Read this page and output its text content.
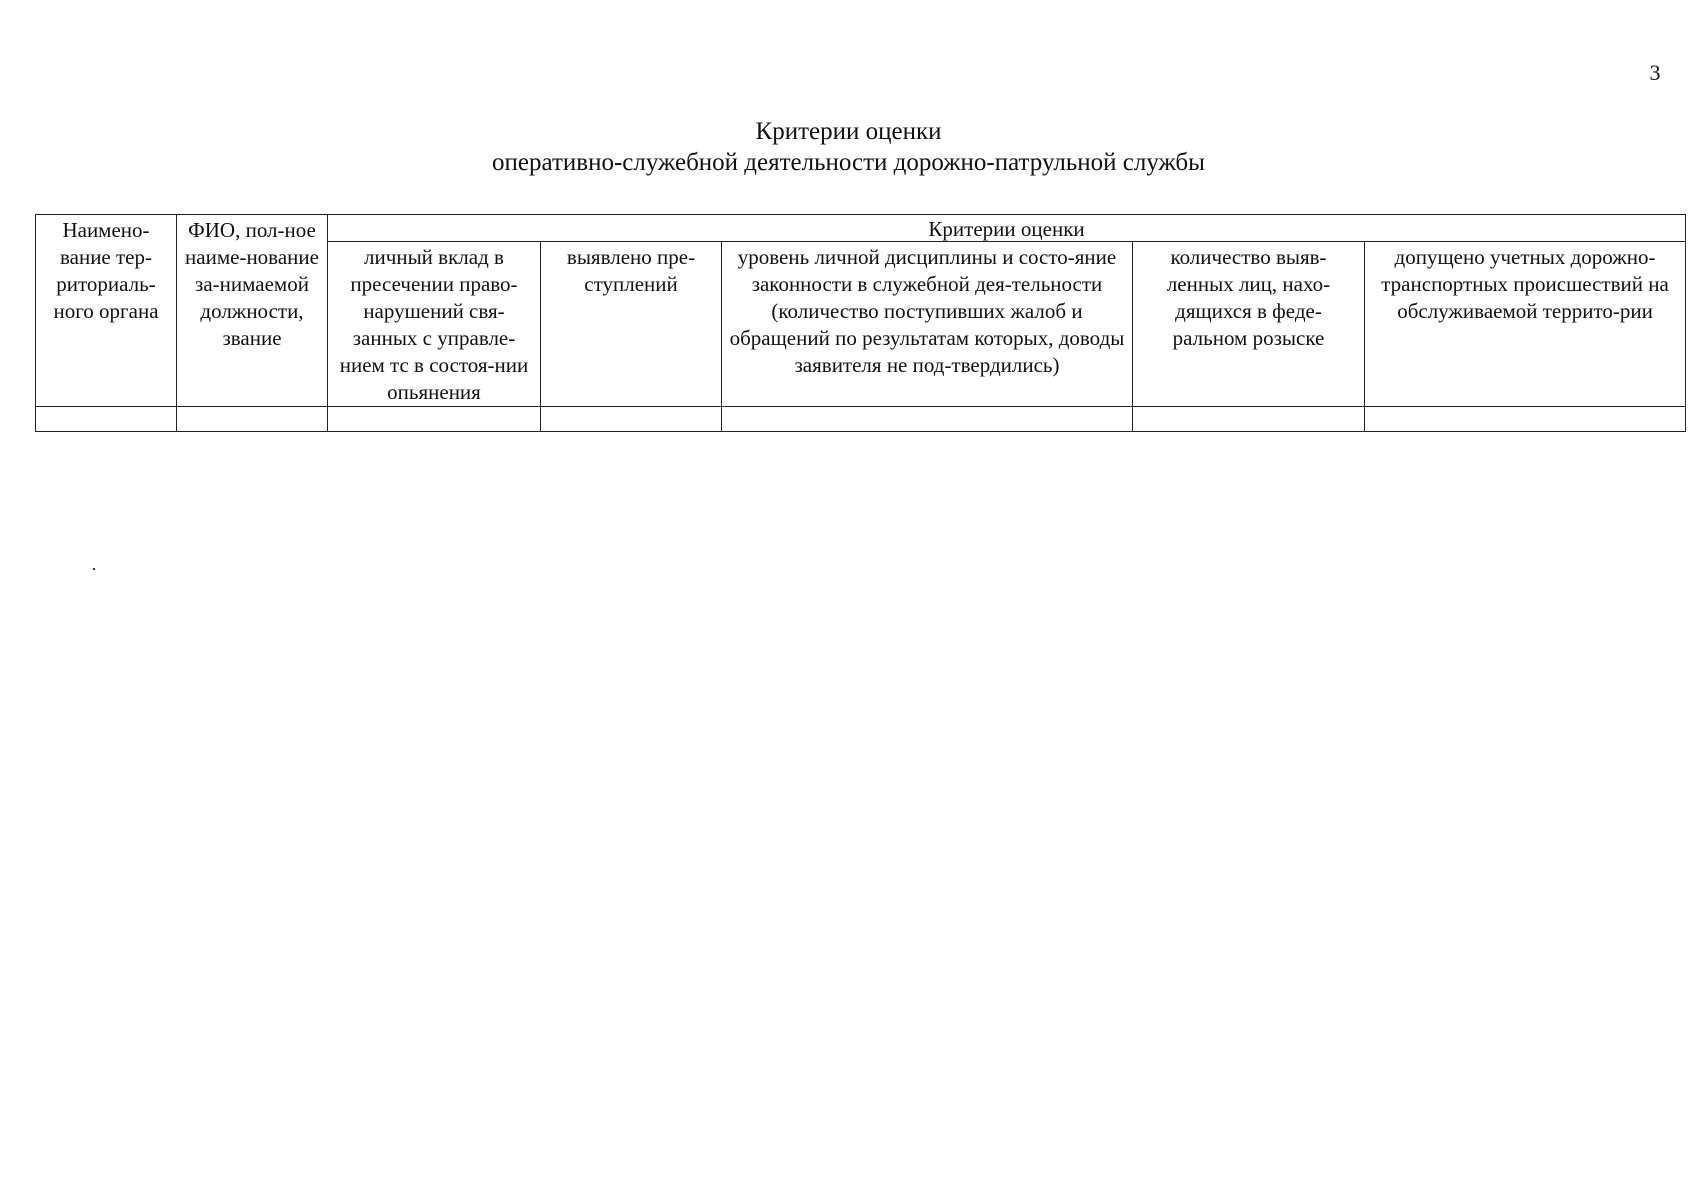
3
Критерии оценки
оперативно-служебной деятельности дорожно-патрульной службы
Наимено-вание тер-риториаль-ного органа	ФИО, пол-ное наиме-нование за-нимаемой должности, звание	Критерии оценки				
		личный вклад в пресечении право-нарушений свя-занных с управле-нием тс в состоя-нии опьянения	выявлено пре-ступлений	уровень личной дисциплины и состо-яние законности в служебной дея-тельности (количество поступивших жалоб и обращений по результатам которых, доводы заявителя не под-твердились)	количество выяв-ленных лиц, нахо-дящихся в феде-ральном розыске	допущено учетных дорожно-транспортных происшествий на обслуживаемой террито-рии
